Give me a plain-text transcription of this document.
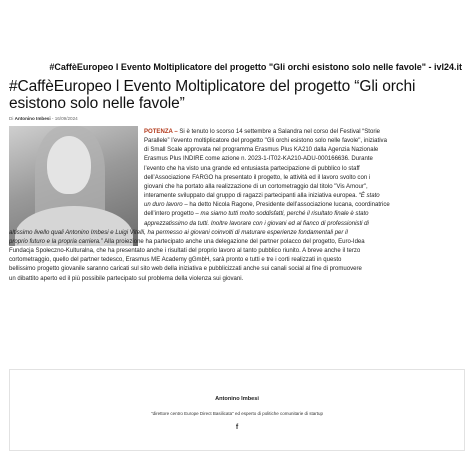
#CaffèEuropeo I Evento Moltiplicatore del progetto "Gli orchi esistono solo nelle favole" - ivl24.it
#CaffèEuropeo l Evento Moltiplicatore del progetto “Gli orchi esistono solo nelle favole”
Di Antonino Imbesi - 16/09/2024
POTENZA – Si è tenuto lo scorso 14 settembre a Salandra nel corso del Festival “Storie
Parallele” l’evento moltiplicatore del progetto "Gli orchi esistono solo nelle favole", iniziativa
di Small Scale approvata nel programma Erasmus Plus KA210 dalla Agenzia Nazionale
Erasmus Plus INDIRE come azione n. 2023-1-IT02-KA210-ADU-000166636. Durante
l’evento che ha visto una grande ed entusiasta partecipazione di pubblico lo staff
dell’Associazione FARGO ha presentato il progetto, le attività ed il lavoro svolto con i
giovani che ha portato alla realizzazione di un cortometraggio dal titolo "Vis Amour",
interamente sviluppato dal gruppo di ragazzi partecipanti alla iniziativa europea. “È stato
un duro lavoro – ha detto Nicola Ragone, Presidente dell’associazione lucana, coordinatrice
dell’intero progetto – ma siamo tutti molto soddisfatti, perché il risultato finale è stato
apprezzatissimo da tutti. Inoltre lavorare con i giovani ed al fianco di professionisti di
altissimo livello quali Antonino Imbesi e Luigi Vitelli, ha permesso ai giovani coinvolti di maturare esperienze fondamentali per il
proprio futuro e la propria carriera.” Alla proiezione ha partecipato anche una delegazione del partner polacco del progetto, Euro-Idea
Fundacja Społeczno-Kulturalna, che ha presentato anche i risultati del proprio lavoro al tanto pubblico riunito. A breve anche il terzo
cortometraggio, quello del partner tedesco, Erasmus ME Academy gGmbH, sarà pronto e tutti e tre i corti realizzati in questo
bellissimo progetto giovanile saranno caricati sul sito web della iniziativa e pubblicizzati anche sui canali social al fine di promuovere
un dibattito aperto ed il più possibile partecipato sul problema della violenza sui giovani.
Antonino Imbesi
"direttore centro Europe Direct Basilicata" ed esperto di politiche comunitarie di startup
f
